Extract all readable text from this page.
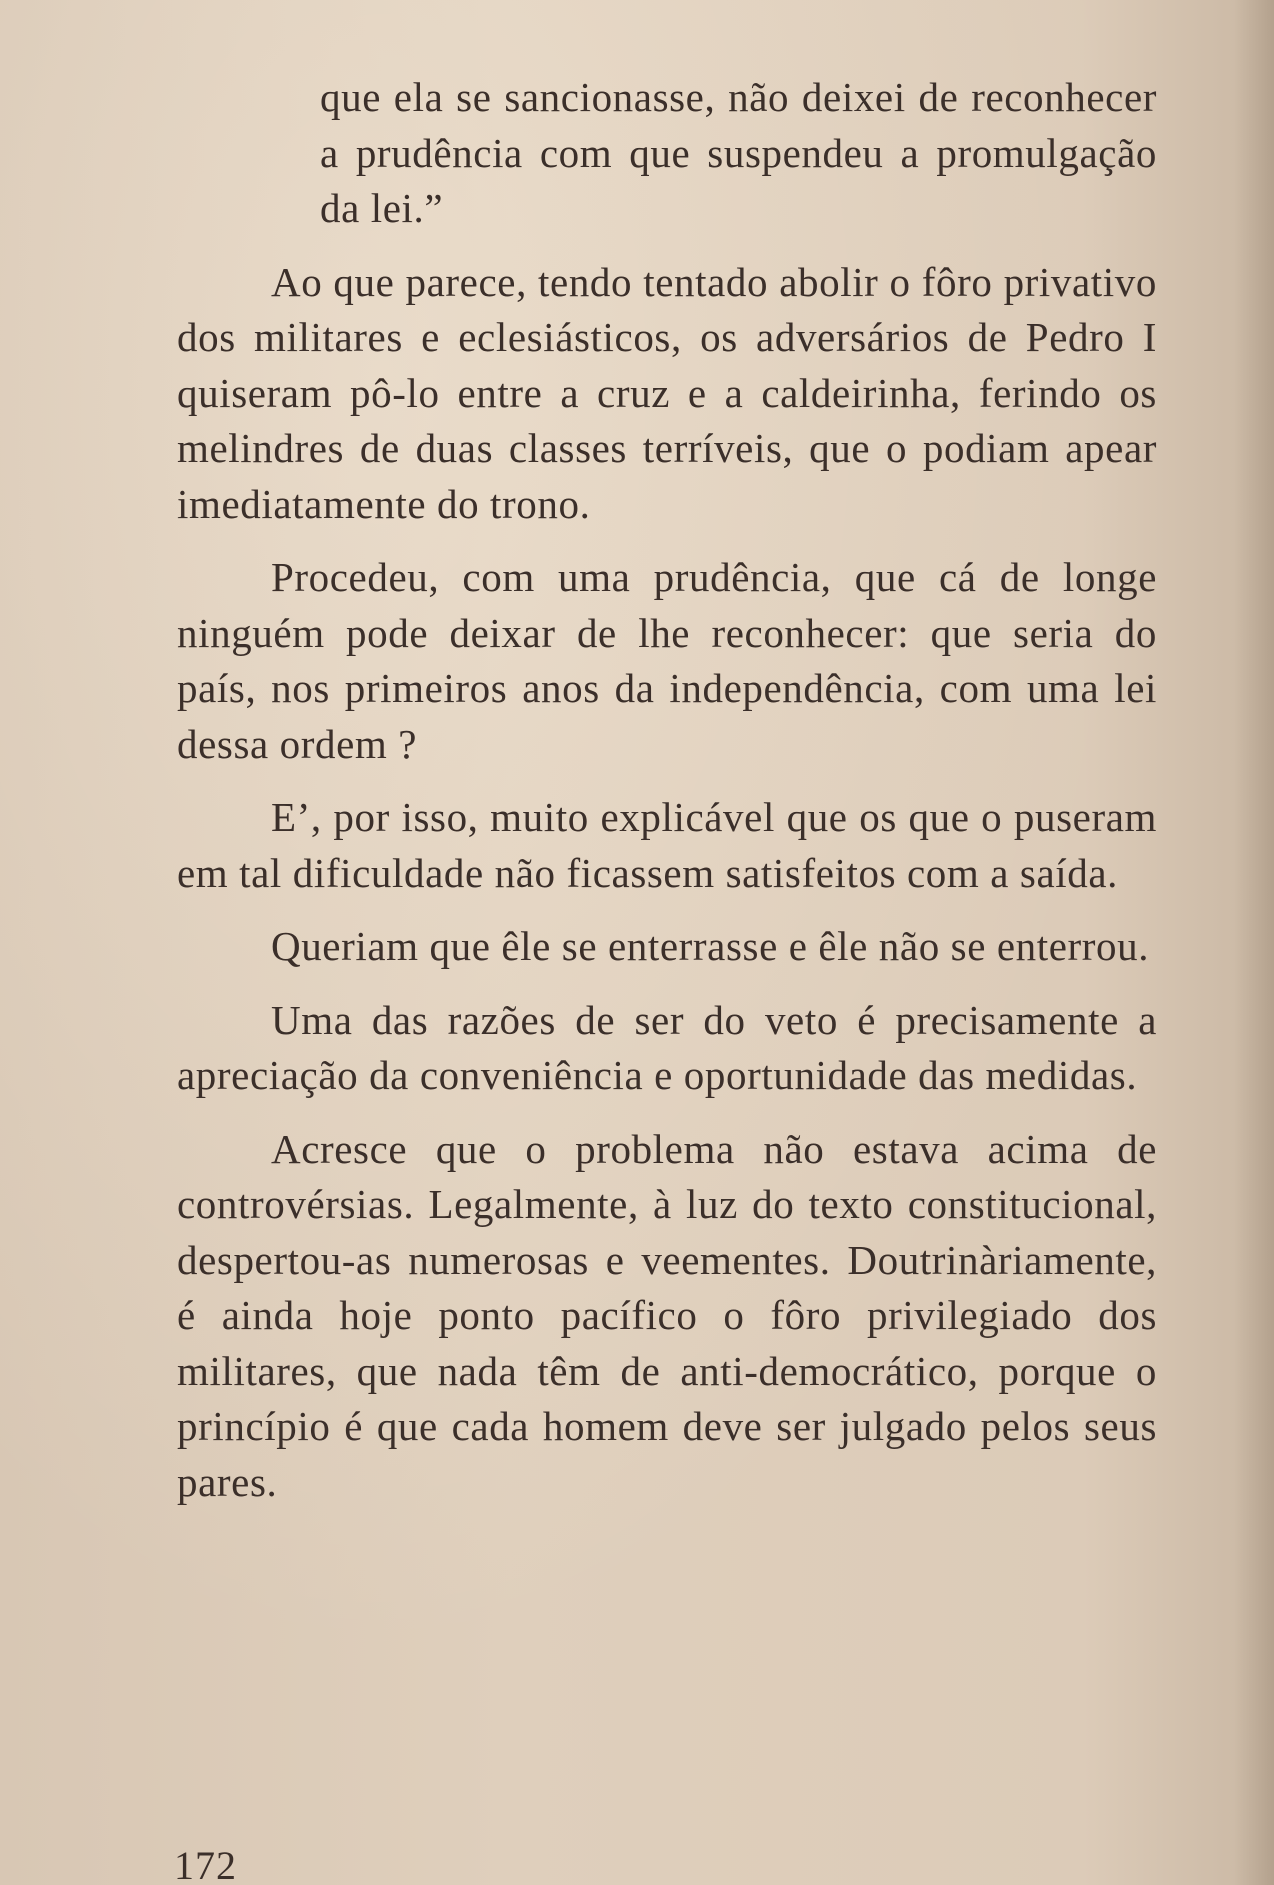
que ela se sancionasse, não deixei de reconhecer a prudência com que suspendeu a promulgação da lei.”

Ao que parece, tendo tentado abolir o fôro privativo dos militares e eclesiásticos, os adversários de Pedro I quiseram pô-lo entre a cruz e a caldeirinha, ferindo os melindres de duas classes terríveis, que o podiam apear imediatamente do trono.

Procedeu, com uma prudência, que cá de longe ninguém pode deixar de lhe reconhecer: que seria do país, nos primeiros anos da independência, com uma lei dessa ordem ?

E’, por isso, muito explicável que os que o puseram em tal dificuldade não ficassem satisfeitos com a saída.

Queriam que êle se enterrasse e êle não se enterrou.

Uma das razões de ser do veto é precisamente a apreciação da conveniência e oportunidade das medidas.

Acresce que o problema não estava acima de controvérsias. Legalmente, à luz do texto constitucional, despertou-as numerosas e veementes. Doutrinàriamente, é ainda hoje ponto pacífico o fôro privilegiado dos militares, que nada têm de anti-democrático, porque o princípio é que cada homem deve ser julgado pelos seus pares.

172
